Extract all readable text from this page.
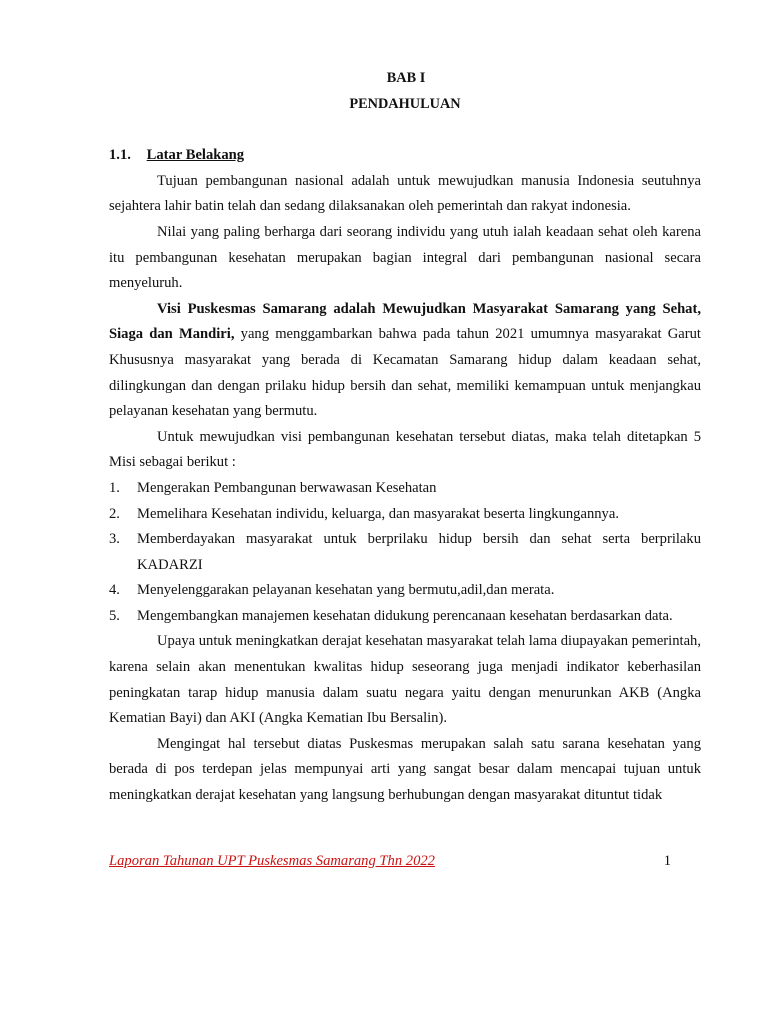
BAB I
PENDAHULUAN
1.1. Latar Belakang

Tujuan pembangunan nasional adalah untuk mewujudkan manusia Indonesia seutuhnya sejahtera lahir batin telah dan sedang dilaksanakan oleh pemerintah dan rakyat indonesia.

Nilai yang paling berharga dari seorang individu yang utuh ialah keadaan sehat oleh karena itu pembangunan kesehatan merupakan bagian integral dari pembangunan nasional secara menyeluruh.

Visi Puskesmas Samarang adalah Mewujudkan Masyarakat Samarang yang Sehat, Siaga dan Mandiri, yang menggambarkan bahwa pada tahun 2021 umumnya masyarakat Garut Khususnya masyarakat yang berada di Kecamatan Samarang hidup dalam keadaan sehat, dilingkungan dan dengan prilaku hidup bersih dan sehat, memiliki kemampuan untuk menjangkau pelayanan kesehatan yang bermutu.

Untuk mewujudkan visi pembangunan kesehatan tersebut diatas, maka telah ditetapkan 5 Misi sebagai berikut :

1. Mengerakan Pembangunan berwawasan Kesehatan
2. Memelihara Kesehatan individu, keluarga, dan masyarakat beserta lingkungannya.
3. Memberdayakan masyarakat untuk berprilaku hidup bersih dan sehat serta berprilaku KADARZI
4. Menyelenggarakan pelayanan kesehatan yang bermutu,adil,dan merata.
5. Mengembangkan manajemen kesehatan didukung perencanaan kesehatan berdasarkan data.

Upaya untuk meningkatkan derajat kesehatan masyarakat telah lama diupayakan pemerintah, karena selain akan menentukan kwalitas hidup seseorang juga menjadi indikator keberhasilan peningkatan tarap hidup manusia dalam suatu negara yaitu dengan menurunkan AKB (Angka Kematian Bayi) dan AKI (Angka Kematian Ibu Bersalin).

Mengingat hal tersebut diatas Puskesmas merupakan salah satu sarana kesehatan yang berada di pos terdepan jelas mempunyai arti yang sangat besar dalam mencapai tujuan untuk meningkatkan derajat kesehatan yang langsung berhubungan dengan masyarakat dituntut tidak

Laporan Tahunan UPT Puskesmas Samarang Thn 2022	1
